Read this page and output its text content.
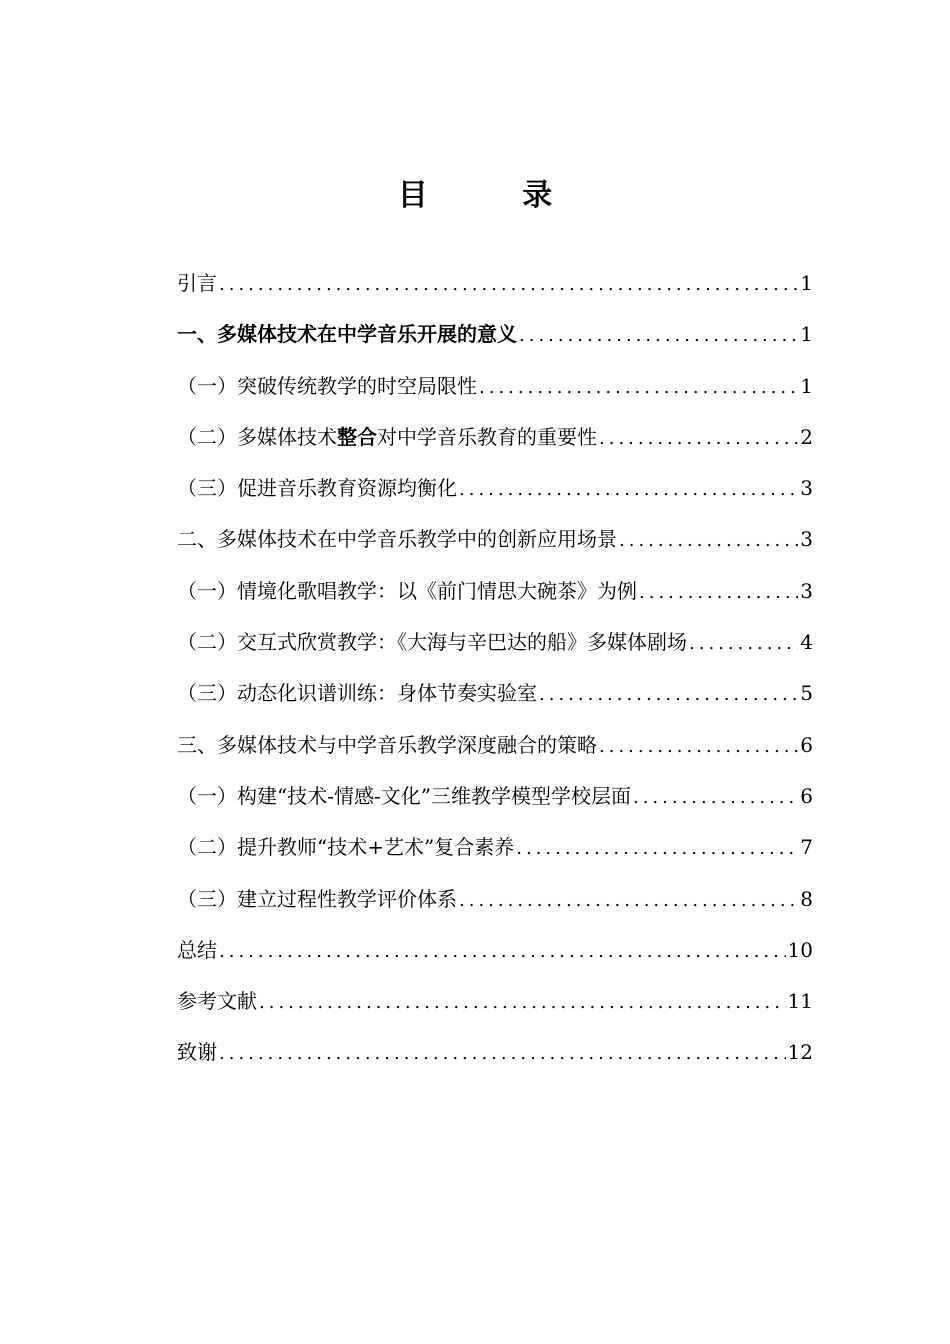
目 录
引言 .....	1
一、多媒体技术在中学音乐开展的意义 .....	1
（一）突破传统教学的时空局限性 .....	1
（二）多媒体技术整合对中学音乐教育的重要性 .....	2
（三）促进音乐教育资源均衡化 .....	3
二、多媒体技术在中学音乐教学中的创新应用场景 .....	3
（一）情境化歌唱教学：以《前门情思大碗茶》为例 .....	3
（二）交互式欣赏教学：《大海与辛巴达的船》多媒体剧场 .....	4
（三）动态化识谱训练：身体节奏实验室 .....	5
三、多媒体技术与中学音乐教学深度融合的策略 .....	6
（一）构建“技术-情感-文化”三维教学模型学校层面 .....	6
（二）提升教师“技术+艺术”复合素养 .....	7
（三）建立过程性教学评价体系 .....	8
总结 .....	10
参考文献 .....	11
致谢 .....	12
